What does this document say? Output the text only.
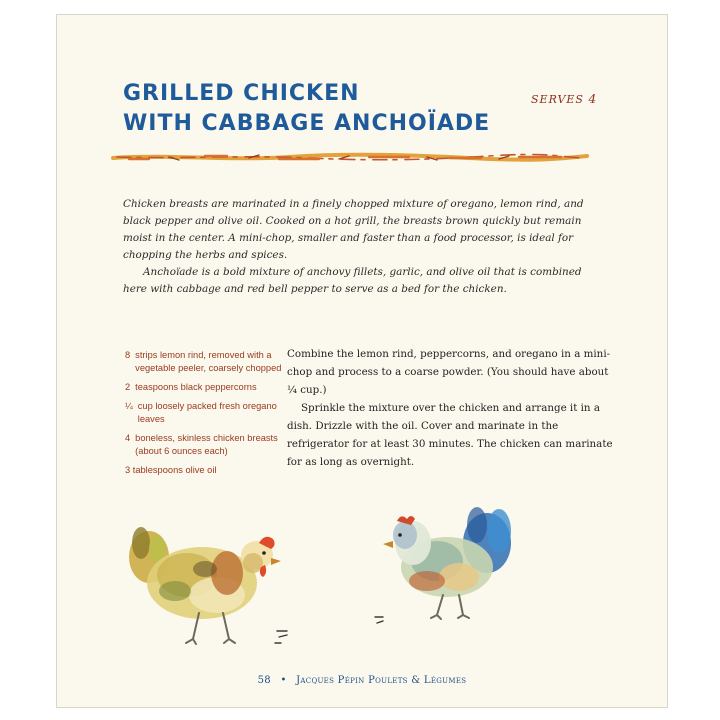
GRILLED CHICKEN
WITH CABBAGE ANCHOÏADE
SERVES 4

Chicken breasts are marinated in a finely chopped mixture of oregano, lemon rind, and black pepper and olive oil. Cooked on a hot grill, the breasts brown quickly but remain moist in the center. A mini-chop, smaller and faster than a food processor, is ideal for chopping the herbs and spices.

Anchoïade is a bold mixture of anchovy fillets, garlic, and olive oil that is combined here with cabbage and red bell pepper to serve as a bed for the chicken.

8 strips lemon rind, removed with a vegetable peeler, coarsely chopped
2 teaspoons black peppercorns
¼ cup loosely packed fresh oregano leaves
4 boneless, skinless chicken breasts (about 6 ounces each)
3 tablespoons olive oil

Combine the lemon rind, peppercorns, and oregano in a mini-chop and process to a coarse powder. (You should have about ¼ cup.)

Sprinkle the mixture over the chicken and arrange it in a dish. Drizzle with the oil. Cover and marinate in the refrigerator for at least 30 minutes. The chicken can marinate for as long as overnight.

58 • Jacques Pépin Poulets & Légumes
